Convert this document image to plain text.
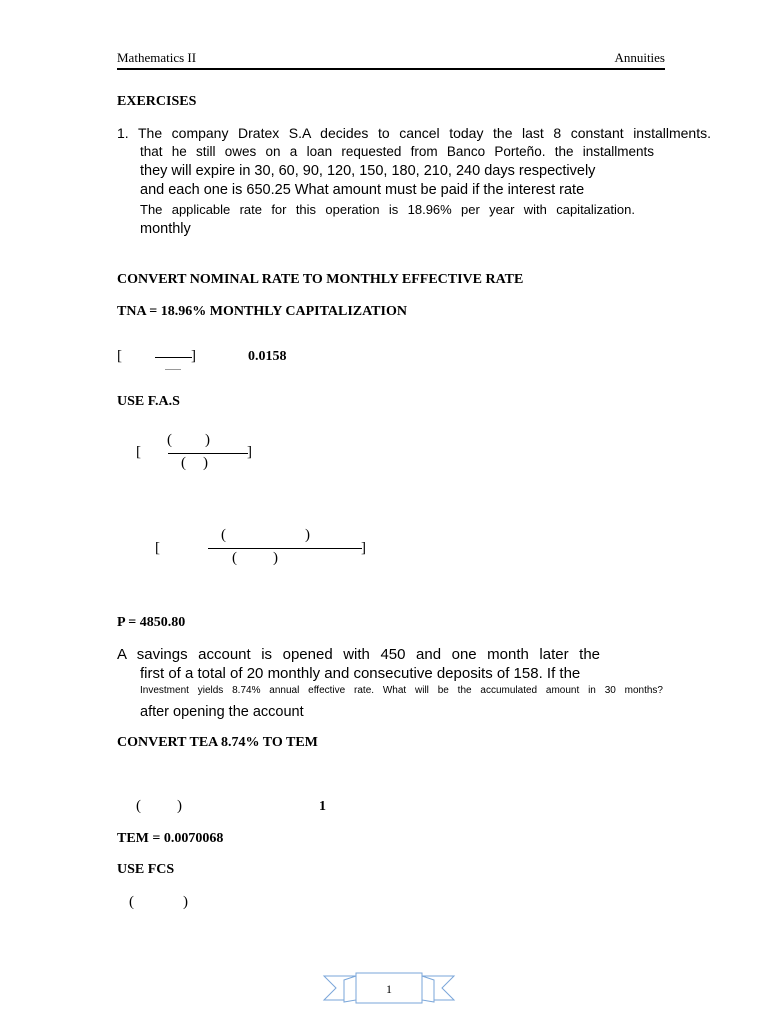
Mathematics II	Annuities
EXERCISES
1. The company Dratex S.A decides to cancel today the last 8 constant installments.
that he still owes on a loan requested from Banco Porteño. the installments
they will expire in 30, 60, 90, 120, 150, 180, 210, 240 days respectively
and each one is 650.25 What amount must be paid if the interest rate
The applicable rate for this operation is 18.96% per year with capitalization.
monthly
CONVERT NOMINAL RATE TO MONTHLY EFFECTIVE RATE
TNA = 18.96% MONTHLY CAPITALIZATION
[	]	0.0158
USE F.A.S
[
( )
]
( )
[
(	)
]
( )
P = 4850.80
A savings account is opened with 450 and one month later the
first of a total of 20 monthly and consecutive deposits of 158. If the
Investment yields 8.74% annual effective rate. What will be the accumulated amount in 30 months?
after opening the account
CONVERT TEA 8.74% TO TEM
( )	1
TEM = 0.0070068
USE FCS
(	)
1
